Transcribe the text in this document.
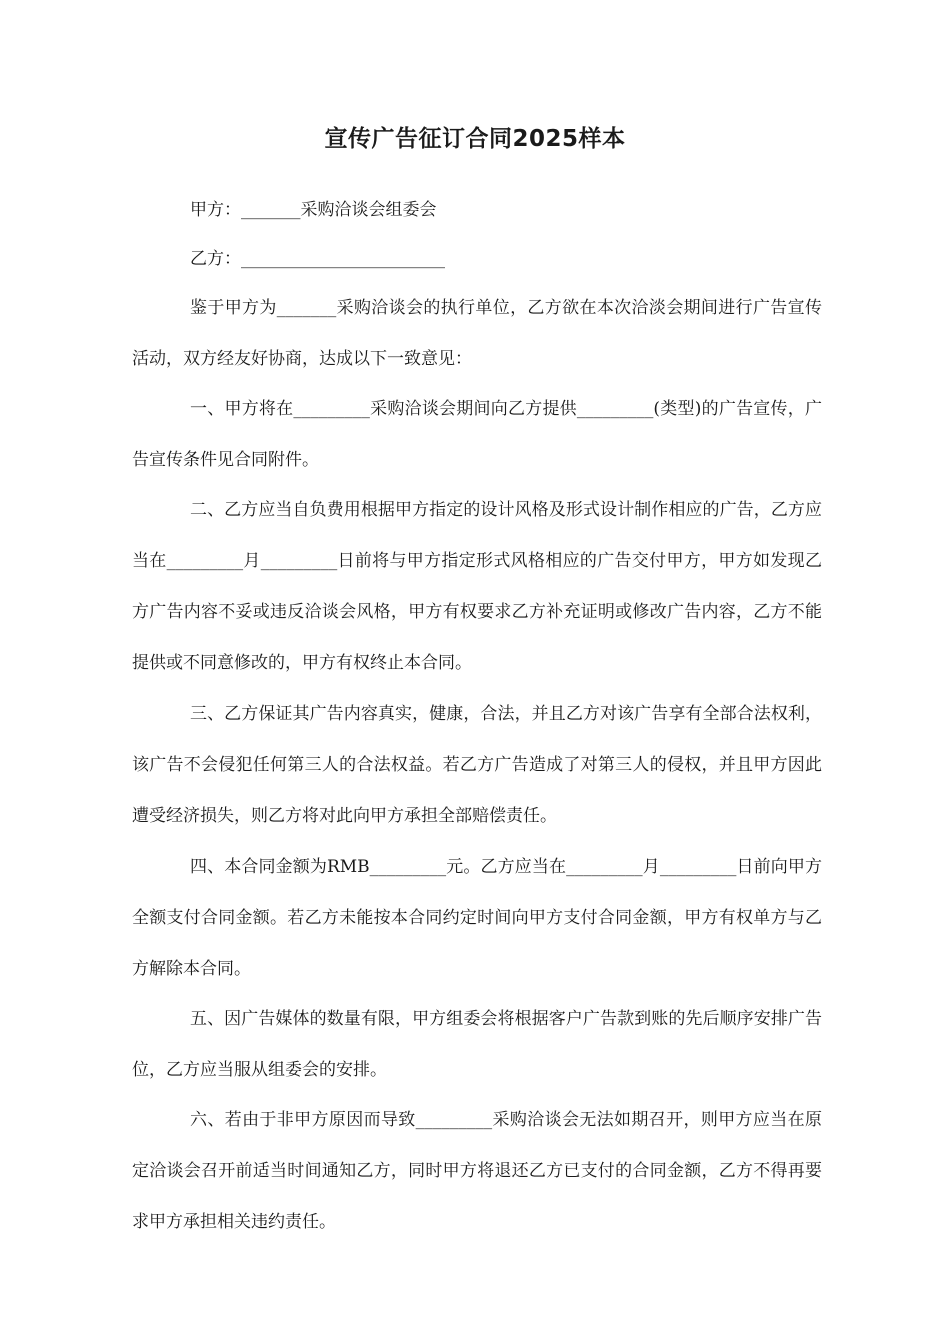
宣传广告征订合同2025样本

甲方：_______采购洽谈会组委会

乙方：________________________

鉴于甲方为_______采购洽谈会的执行单位，乙方欲在本次洽淡会期间进行广告宣传活动，双方经友好协商，达成以下一致意见：

一、甲方将在_________采购洽谈会期间向乙方提供_________(类型)的广告宣传，广告宣传条件见合同附件。

二、乙方应当自负费用根据甲方指定的设计风格及形式设计制作相应的广告，乙方应当在_________月_________日前将与甲方指定形式风格相应的广告交付甲方，甲方如发现乙方广告内容不妥或违反洽谈会风格，甲方有权要求乙方补充证明或修改广告内容，乙方不能提供或不同意修改的，甲方有权终止本合同。

三、乙方保证其广告内容真实，健康，合法，并且乙方对该广告享有全部合法权利，该广告不会侵犯任何第三人的合法权益。若乙方广告造成了对第三人的侵权，并且甲方因此遭受经济损失，则乙方将对此向甲方承担全部赔偿责任。

四、本合同金额为RMB_________元。乙方应当在_________月_________日前向甲方全额支付合同金额。若乙方未能按本合同约定时间向甲方支付合同金额，甲方有权单方与乙方解除本合同。

五、因广告媒体的数量有限，甲方组委会将根据客户广告款到账的先后顺序安排广告位，乙方应当服从组委会的安排。

六、若由于非甲方原因而导致_________采购洽谈会无法如期召开，则甲方应当在原定洽谈会召开前适当时间通知乙方，同时甲方将退还乙方已支付的合同金额，乙方不得再要求甲方承担相关违约责任。
